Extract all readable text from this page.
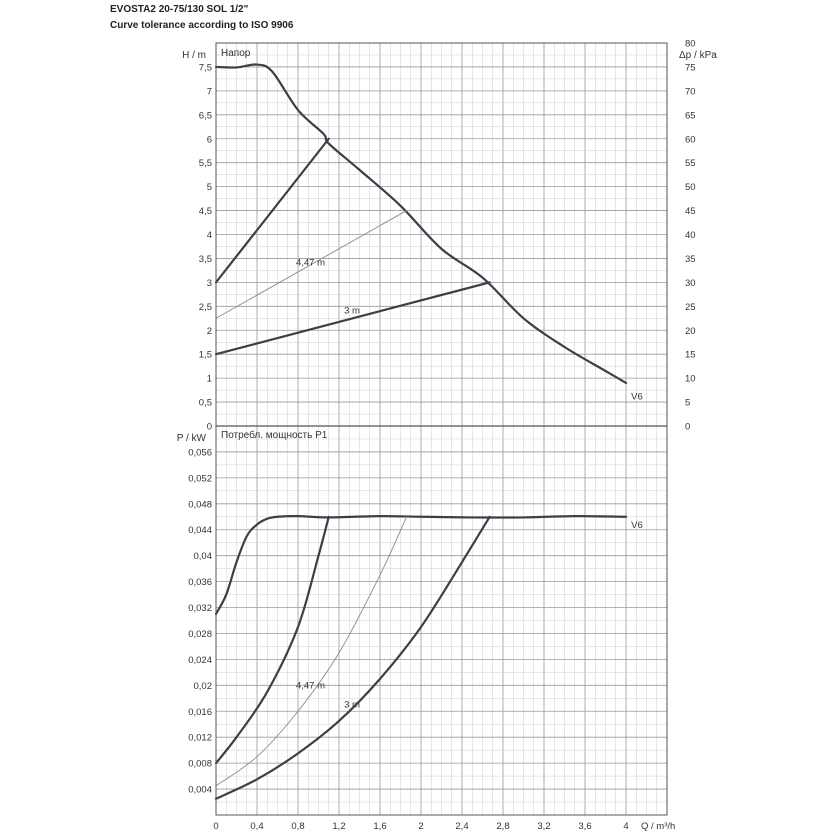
EVOSTA2 20-75/130 SOL 1/2"
Curve tolerance according to ISO 9906
0
0,5
1
1,5
2
2,5
3
3,5
4
4,5
5
5,5
6
6,5
7
7,5
0
5
10
15
20
25
30
35
40
45
50
55
60
65
70
75
80
0,004
0,008
0,012
0,016
0,02
0,024
0,028
0,032
0,036
0,04
0,044
0,048
0,052
0,056
0	0,4	0,8	1,2	1,6	2	2,4	2,8	3,2	3,6	4
H / m	Δp / kPa
Напор
P / kW Потребл. мощность P1
Q / m³/h
V6
4,47 m
3 m
V6
4,47 m
3 m
